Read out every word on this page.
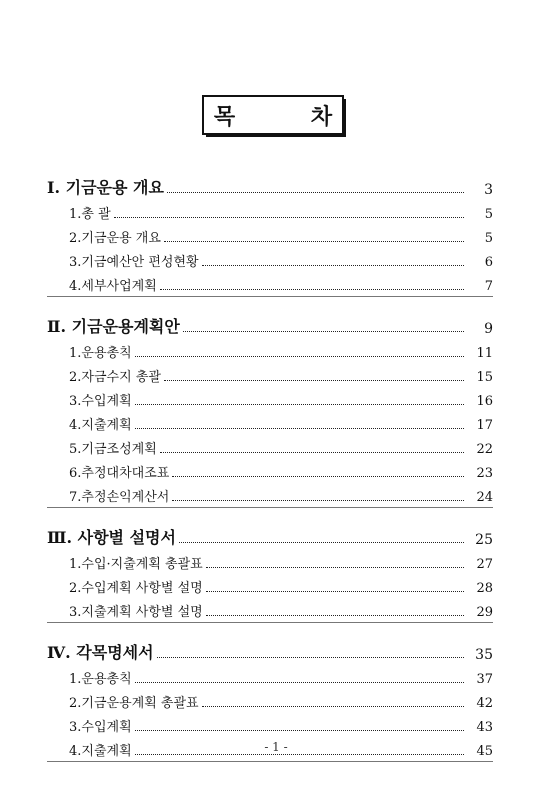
목 차
Ⅰ. 기금운용 개요	3
1.총 괄	5
2.기금운용 개요	5
3.기금예산안 편성현황	6
4.세부사업계획	7
Ⅱ. 기금운용계획안	9
1.운용총칙	11
2.자금수지 총괄	15
3.수입계획	16
4.지출계획	17
5.기금조성계획	22
6.추정대차대조표	23
7.추정손익계산서	24
Ⅲ. 사항별 설명서	25
1.수입·지출계획 총괄표	27
2.수입계획 사항별 설명	28
3.지출계획 사항별 설명	29
Ⅳ. 각목명세서	35
1.운용총칙	37
2.기금운용계획 총괄표	42
3.수입계획	43
4.지출계획	45
- 1 -
